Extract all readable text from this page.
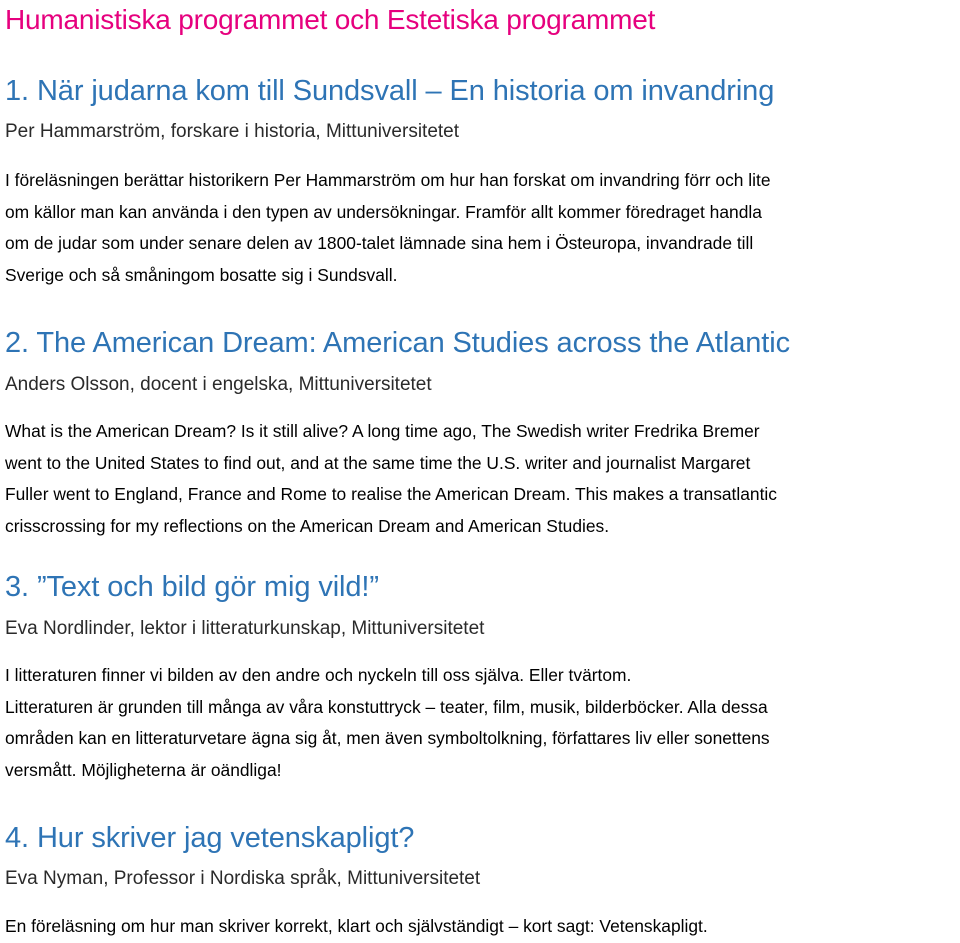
Humanistiska programmet och Estetiska programmet
1. När judarna kom till Sundsvall – En historia om invandring

Per Hammarström, forskare i historia, Mittuniversitetet

I föreläsningen berättar historikern Per Hammarström om hur han forskat om invandring förr och lite
om källor man kan använda i den typen av undersökningar. Framför allt kommer föredraget handla
om de judar som under senare delen av 1800-talet lämnade sina hem i Östeuropa, invandrade till
Sverige och så småningom bosatte sig i Sundsvall.
2. The American Dream: American Studies across the Atlantic

Anders Olsson, docent i engelska, Mittuniversitetet

What is the American Dream? Is it still alive? A long time ago, The Swedish writer Fredrika Bremer
went to the United States to find out, and at the same time the U.S. writer and journalist Margaret
Fuller went to England, France and Rome to realise the American Dream. This makes a transatlantic
crisscrossing for my reflections on the American Dream and American Studies.
3. ”Text och bild gör mig vild!”

Eva Nordlinder, lektor i litteraturkunskap, Mittuniversitetet

I litteraturen finner vi bilden av den andre och nyckeln till oss själva. Eller tvärtom.
Litteraturen är grunden till många av våra konstuttryck – teater, film, musik, bilderböcker. Alla dessa
områden kan en litteraturvetare ägna sig åt, men även symboltolkning, författares liv eller sonettens
versmått. Möjligheterna är oändliga!
4. Hur skriver jag vetenskapligt?

Eva Nyman, Professor i Nordiska språk, Mittuniversitetet

En föreläsning om hur man skriver korrekt, klart och självständigt – kort sagt: Vetenskapligt.
